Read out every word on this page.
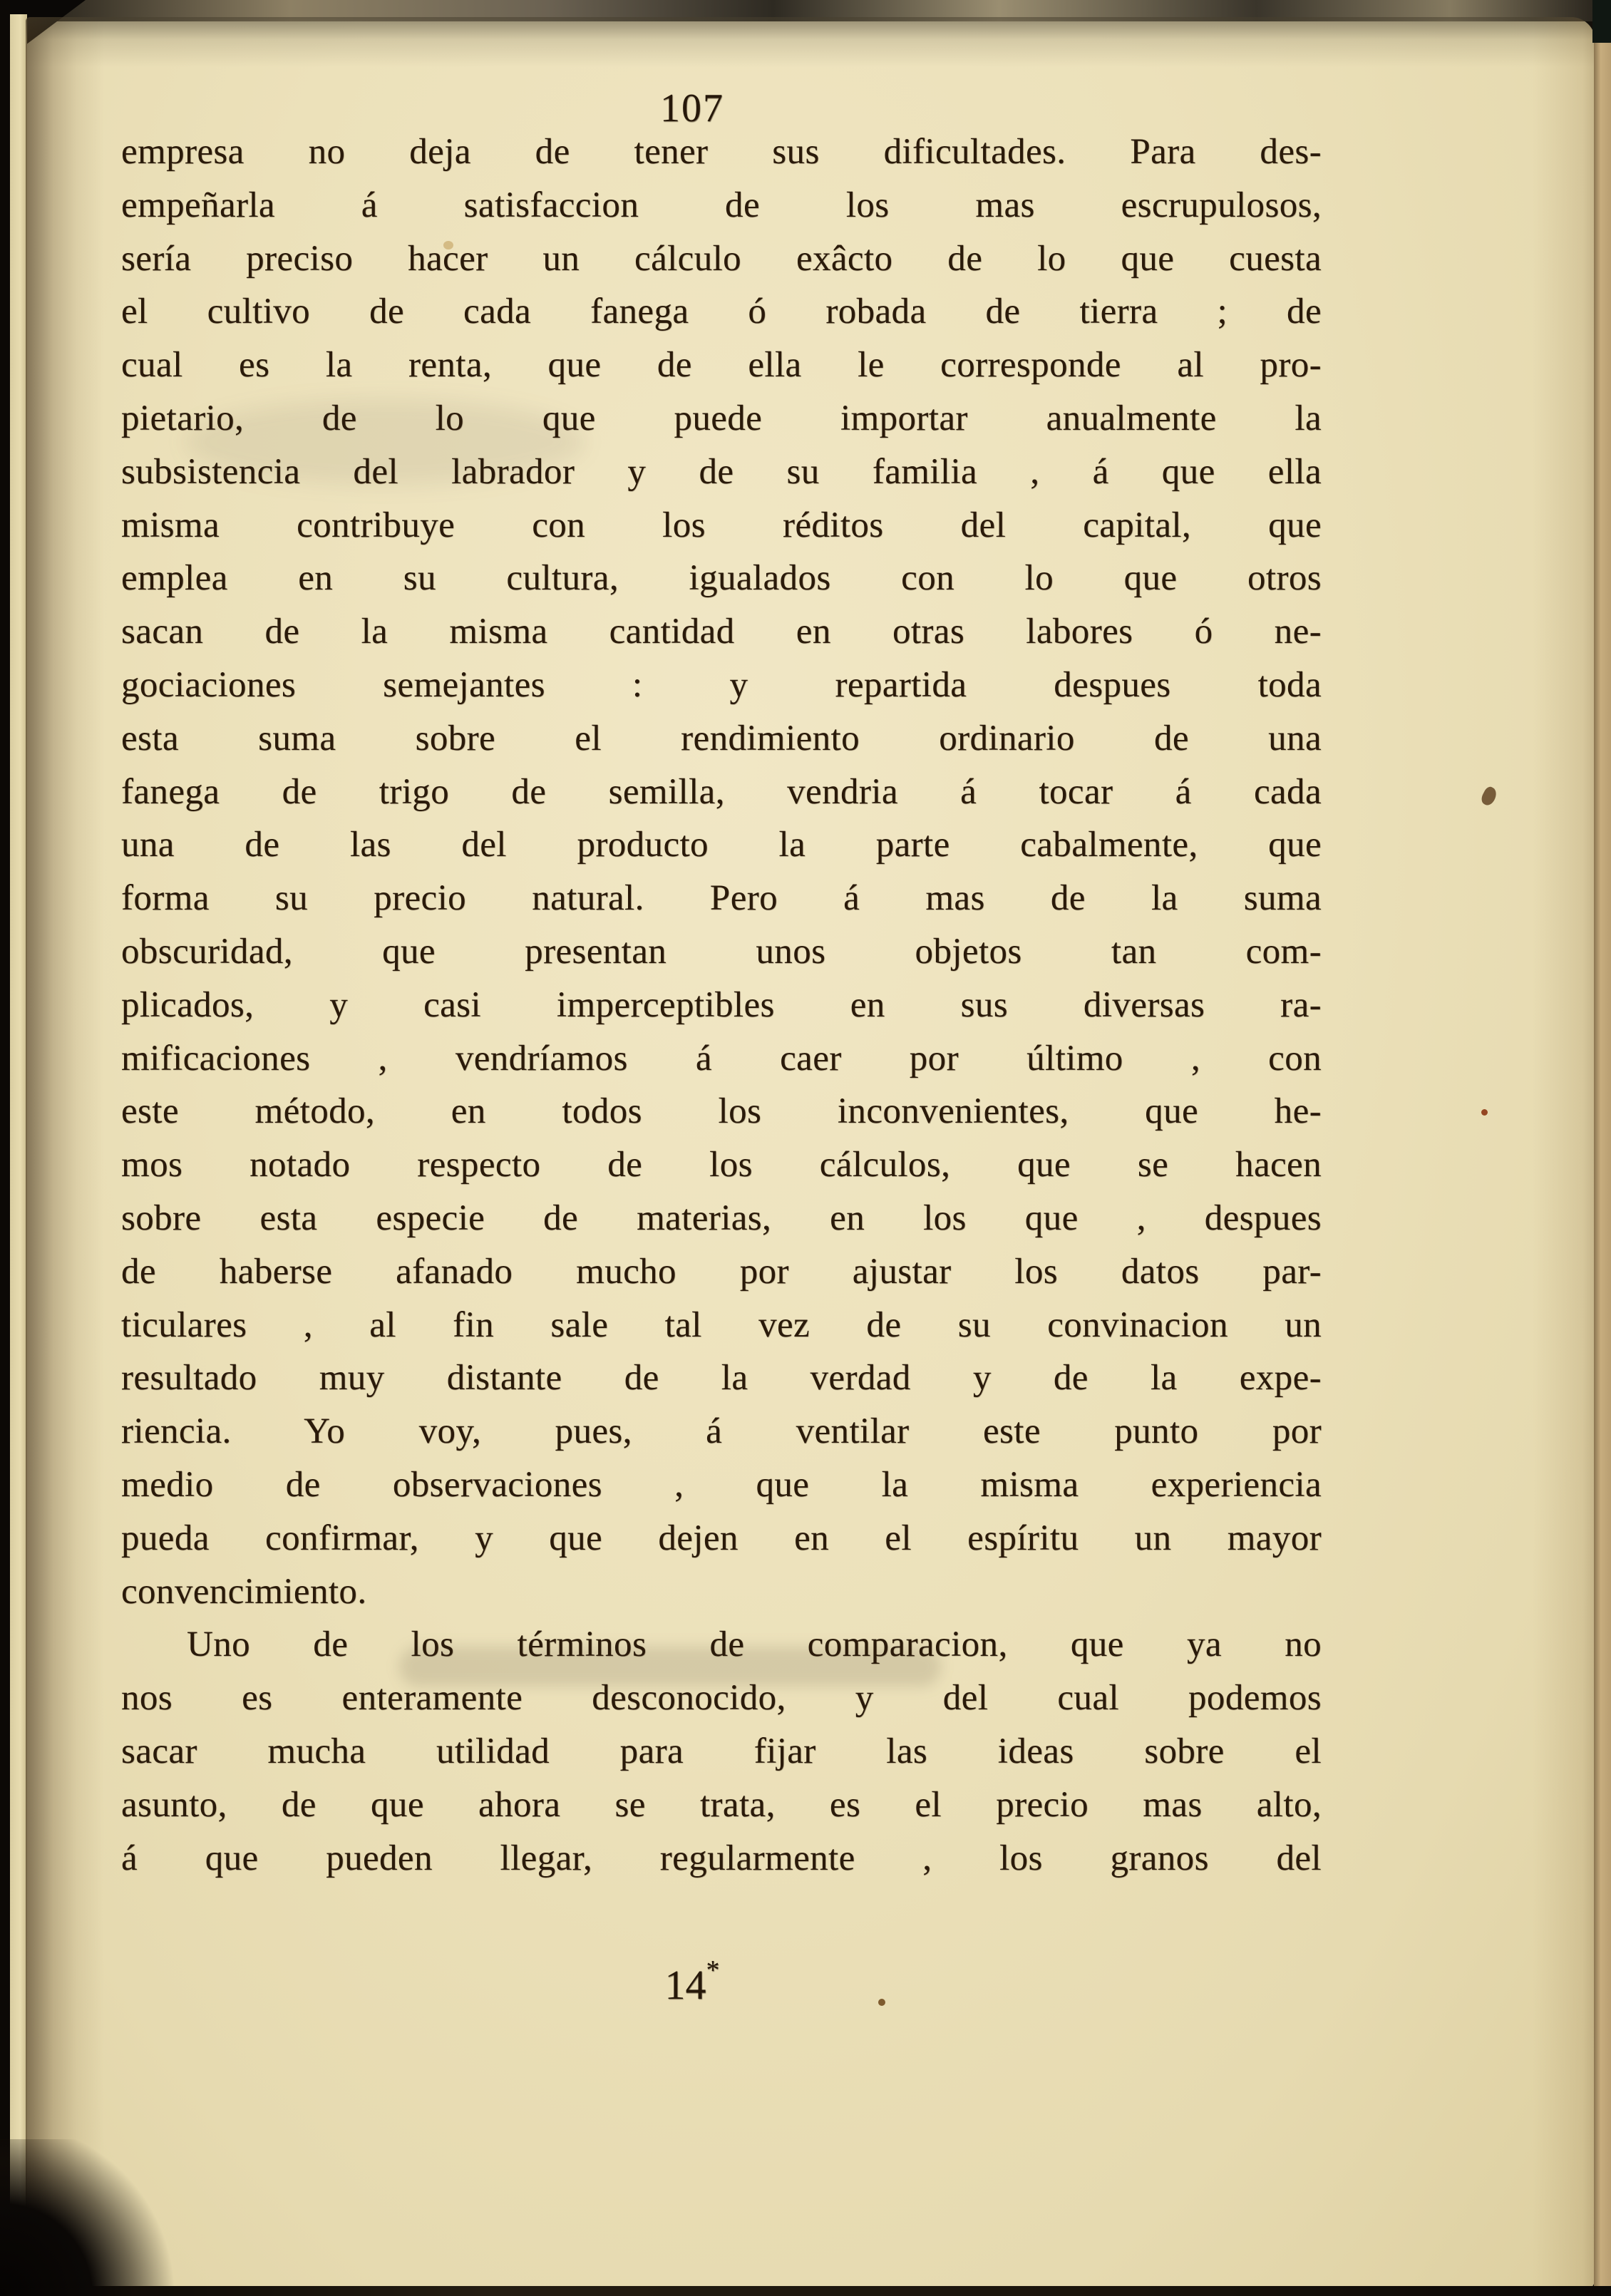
107
empresa no deja de tener sus dificultades. Para des-
empeñarla á satisfaccion de los mas escrupulosos,
sería preciso hacer un cálculo exâcto de lo que cuesta
el cultivo de cada fanega ó robada de tierra ; de
cual es la renta, que de ella le corresponde al pro-
pietario, de lo que puede importar anualmente la
subsistencia del labrador y de su familia , á que ella
misma contribuye con los réditos del capital, que
emplea en su cultura, igualados con lo que otros
sacan de la misma cantidad en otras labores ó ne-
gociaciones semejantes : y repartida despues toda
esta suma sobre el rendimiento ordinario de una
fanega de trigo de semilla, vendria á tocar á cada
una de las del producto la parte cabalmente, que
forma su precio natural. Pero á mas de la suma
obscuridad, que presentan unos objetos tan com-
plicados, y casi imperceptibles en sus diversas ra-
mificaciones , vendríamos á caer por último , con
este método, en todos los inconvenientes, que he-
mos notado respecto de los cálculos, que se hacen
sobre esta especie de materias, en los que , despues
de haberse afanado mucho por ajustar los datos par-
ticulares , al fin sale tal vez de su convinacion un
resultado muy distante de la verdad y de la expe-
riencia. Yo voy, pues, á ventilar este punto por
medio de observaciones , que la misma experiencia
pueda confirmar, y que dejen en el espíritu un mayor
convencimiento.
Uno de los términos de comparacion, que ya no
nos es enteramente desconocido, y del cual podemos
sacar mucha utilidad para fijar las ideas sobre el
asunto, de que ahora se trata, es el precio mas alto,
á que pueden llegar, regularmente , los granos del
14*
